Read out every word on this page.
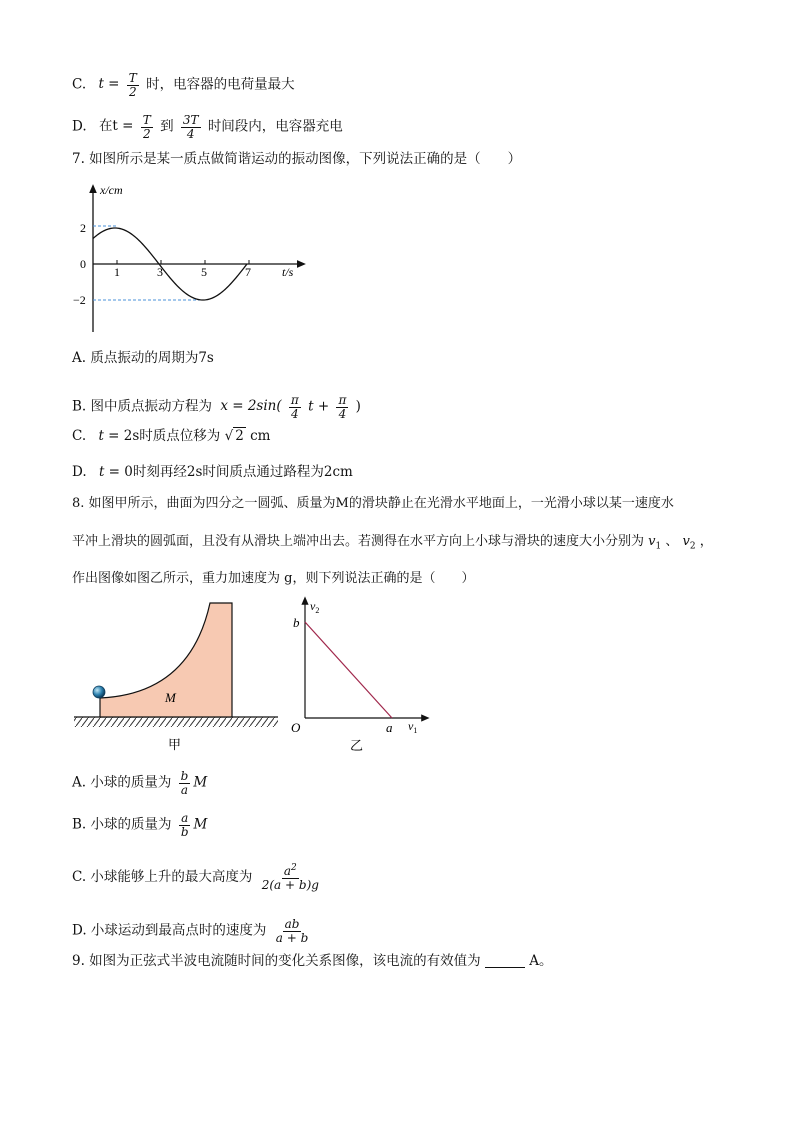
C. $t = \frac{T}{2}$ 时，电容器的电荷量最大
D. 在$t = \frac{T}{2}$ 到 $\frac{3T}{4}$ 时间段内，电容器充电
7. 如图所示是某一质点做简谐运动的振动图像，下列说法正确的是（　　）
x/cm
t/s
2
0
−2
1	3	5	7
A. 质点振动的周期为7s
B. 图中质点振动方程为 $x = 2\sin( \frac{\pi}{4}$ $t + \frac{\pi}{4}$ )
C. t = 2s时质点位移为 √ 2 cm
D. t = 0时刻再经2s时间质点通过路程为2cm
8. 如图甲所示，曲面为四分之一圆弧、质量为M的滑块静止在光滑水平地面上，一光滑小球以某一速度水
平冲上滑块的圆弧面，且没有从滑块上端冲出去。若测得在水平方向上小球与滑块的速度大小分别为 $v_1$ 、 $v_2$ ，
作出图像如图乙所示，重力加速度为 g，则下列说法正确的是（　　）
M
甲
$v_2$
$v_1$
b
a
O
乙
A. 小球的质量为 $\frac{b}{a}$ M
B. 小球的质量为 $\frac{a}{b}$ M
C. 小球能够上升的最大高度为 $\frac{a^2}{2(a + b)g}$
D. 小球运动到最高点时的速度为 $\frac{ab}{a + b}$
9. 如图为正弦式半波电流随时间的变化关系图像，该电流的有效值为	A。
